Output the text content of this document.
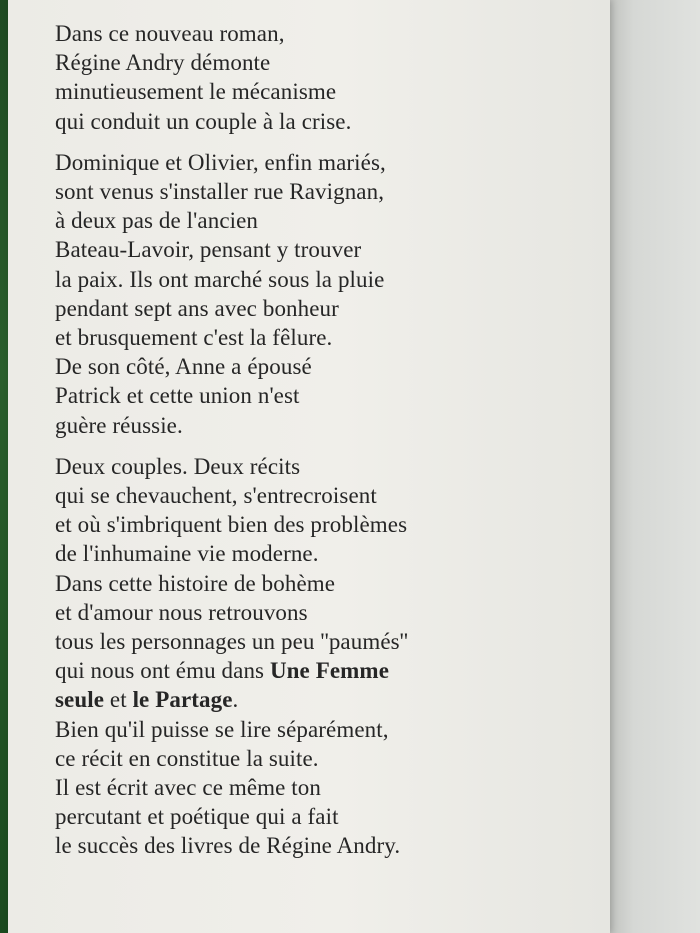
Dans ce nouveau roman,
Régine Andry démonte
minutieusement le mécanisme
qui conduit un couple à la crise.

Dominique et Olivier, enfin mariés,
sont venus s'installer rue Ravignan,
à deux pas de l'ancien
Bateau-Lavoir, pensant y trouver
la paix. Ils ont marché sous la pluie
pendant sept ans avec bonheur
et brusquement c'est la fêlure.
De son côté, Anne a épousé
Patrick et cette union n'est
guère réussie.

Deux couples. Deux récits
qui se chevauchent, s'entrecroisent
et où s'imbriquent bien des problèmes
de l'inhumaine vie moderne.
Dans cette histoire de bohème
et d'amour nous retrouvons
tous les personnages un peu ''paumés''
qui nous ont ému dans Une Femme
seule et le Partage.
Bien qu'il puisse se lire séparément,
ce récit en constitue la suite.
Il est écrit avec ce même ton
percutant et poétique qui a fait
le succès des livres de Régine Andry.
